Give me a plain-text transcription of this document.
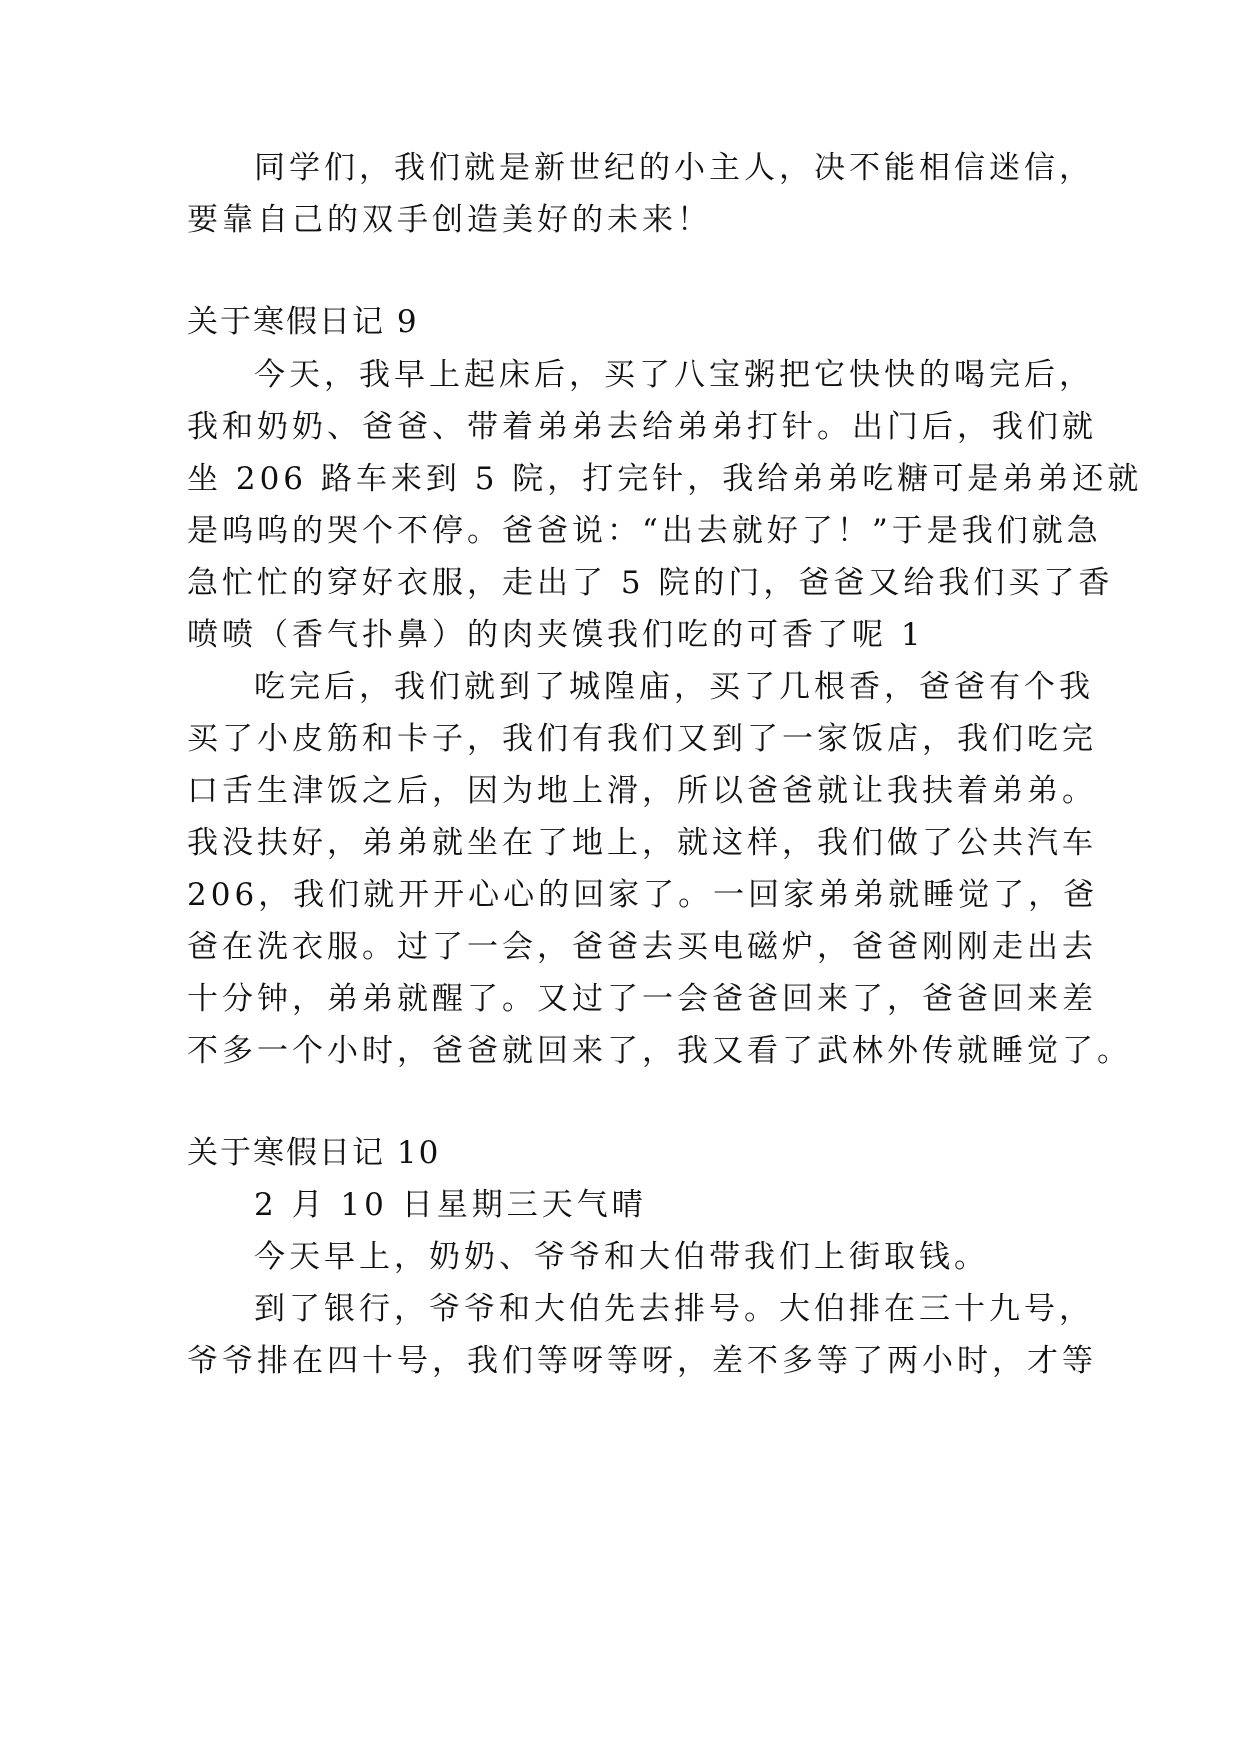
同学们，我们就是新世纪的小主人，决不能相信迷信，
要靠自己的双手创造美好的未来！
关于寒假日记 9
今天，我早上起床后，买了八宝粥把它快快的喝完后，
我和奶奶、爸爸、带着弟弟去给弟弟打针。出门后，我们就
坐 206 路车来到 5 院，打完针，我给弟弟吃糖可是弟弟还就
是呜呜的哭个不停。爸爸说：“出去就好了！”于是我们就急
急忙忙的穿好衣服，走出了 5 院的门，爸爸又给我们买了香
喷喷（香气扑鼻）的肉夹馍我们吃的可香了呢 1
吃完后，我们就到了城隍庙，买了几根香，爸爸有个我
买了小皮筋和卡子，我们有我们又到了一家饭店，我们吃完
口舌生津饭之后，因为地上滑，所以爸爸就让我扶着弟弟。
我没扶好，弟弟就坐在了地上，就这样，我们做了公共汽车
206，我们就开开心心的回家了。一回家弟弟就睡觉了，爸
爸在洗衣服。过了一会，爸爸去买电磁炉，爸爸刚刚走出去
十分钟，弟弟就醒了。又过了一会爸爸回来了，爸爸回来差
不多一个小时，爸爸就回来了，我又看了武林外传就睡觉了。
关于寒假日记 10
2 月 10 日星期三天气晴
今天早上，奶奶、爷爷和大伯带我们上街取钱。
到了银行，爷爷和大伯先去排号。大伯排在三十九号，
爷爷排在四十号，我们等呀等呀，差不多等了两小时，才等
